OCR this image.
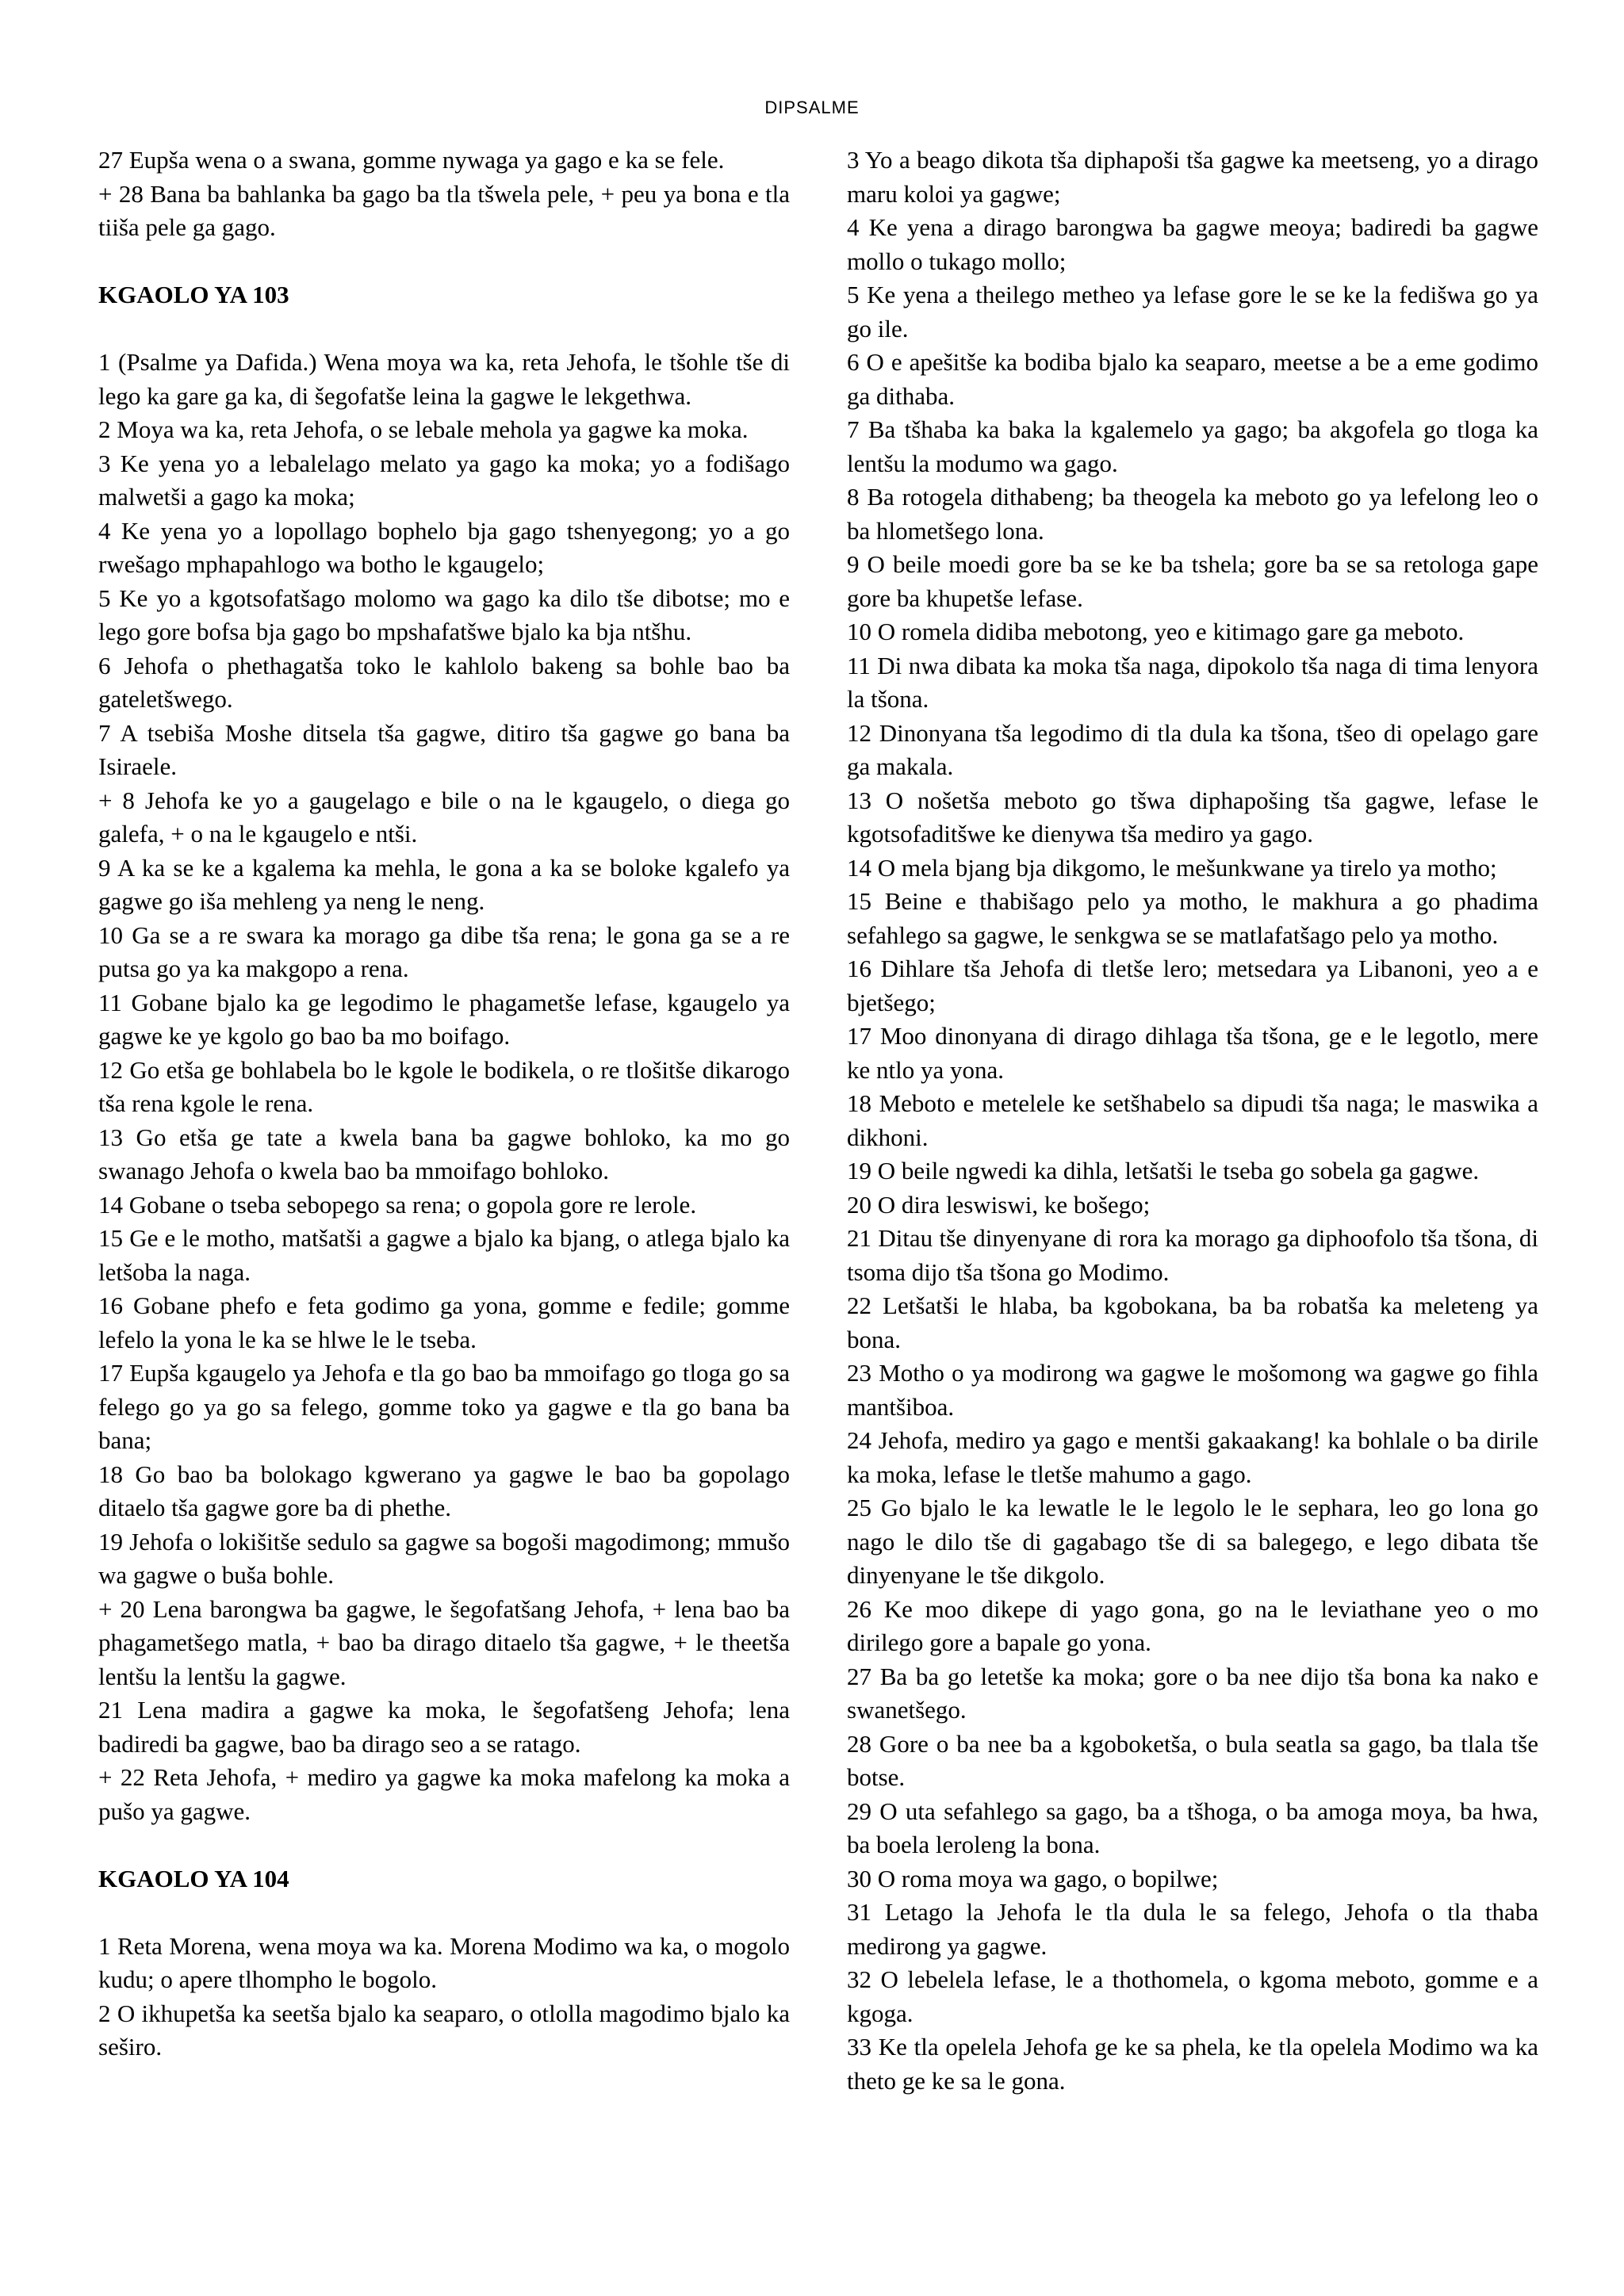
DIPSALME

27 Eupša wena o a swana, gomme nywaga ya gago e ka se fele.

+ 28 Bana ba bahlanka ba gago ba tla tšwela pele, + peu ya bona e tla tiiša pele ga gago.

KGAOLO YA 103

1 (Psalme ya Dafida.) Wena moya wa ka, reta Jehofa, le tšohle tše di lego ka gare ga ka, di šegofatše leina la gagwe le lekgethwa.

2 Moya wa ka, reta Jehofa, o se lebale mehola ya gagwe ka moka.

3 Ke yena yo a lebalelago melato ya gago ka moka; yo a fodišago malwetši a gago ka moka;

4 Ke yena yo a lopollago bophelo bja gago tshenyegong; yo a go rwešago mphapahlogo wa botho le kgaugelo;

5 Ke yo a kgotsofatšago molomo wa gago ka dilo tše dibotse; mo e lego gore bofsa bja gago bo mpshafatšwe bjalo ka bja ntšhu.

6 Jehofa o phethagatša toko le kahlolo bakeng sa bohle bao ba gateletšwego.

7 A tsebiša Moshe ditsela tša gagwe, ditiro tša gagwe go bana ba Isiraele.

+ 8 Jehofa ke yo a gaugelago e bile o na le kgaugelo, o diega go galefa, + o na le kgaugelo e ntši.

9 A ka se ke a kgalema ka mehla, le gona a ka se boloke kgalefo ya gagwe go iša mehleng ya neng le neng.

10 Ga se a re swara ka morago ga dibe tša rena; le gona ga se a re putsa go ya ka makgopo a rena.

11 Gobane bjalo ka ge legodimo le phagametše lefase, kgaugelo ya gagwe ke ye kgolo go bao ba mo boifago.

12 Go etša ge bohlabela bo le kgole le bodikela, o re tlošitše dikarogo tša rena kgole le rena.

13 Go etša ge tate a kwela bana ba gagwe bohloko, ka mo go swanago Jehofa o kwela bao ba mmoifago bohloko.

14 Gobane o tseba sebopego sa rena; o gopola gore re lerole.

15 Ge e le motho, matšatši a gagwe a bjalo ka bjang, o atlega bjalo ka letšoba la naga.

16 Gobane phefo e feta godimo ga yona, gomme e fedile; gomme lefelo la yona le ka se hlwe le le tseba.

17 Eupša kgaugelo ya Jehofa e tla go bao ba mmoifago go tloga go sa felego go ya go sa felego, gomme toko ya gagwe e tla go bana ba bana;

18 Go bao ba bolokago kgwerano ya gagwe le bao ba gopolago ditaelo tša gagwe gore ba di phethe.

19 Jehofa o lokišitše sedulo sa gagwe sa bogoši magodimong; mmušo wa gagwe o buša bohle.

+ 20 Lena barongwa ba gagwe, le šegofatšang Jehofa, + lena bao ba phagametšego matla, + bao ba dirago ditaelo tša gagwe, + le theetša lentšu la lentšu la gagwe.

21 Lena madira a gagwe ka moka, le šegofatšeng Jehofa; lena badiredi ba gagwe, bao ba dirago seo a se ratago.

+ 22 Reta Jehofa, + mediro ya gagwe ka moka mafelong ka moka a pušo ya gagwe.

KGAOLO YA 104

1 Reta Morena, wena moya wa ka. Morena Modimo wa ka, o mogolo kudu; o apere tlhompho le bogolo.

2 O ikhupetša ka seetša bjalo ka seaparo, o otlolla magodimo bjalo ka seširo.

3 Yo a beago dikota tša diphapoši tša gagwe ka meetseng, yo a dirago maru koloi ya gagwe;

4 Ke yena a dirago barongwa ba gagwe meoya; badiredi ba gagwe mollo o tukago mollo;

5 Ke yena a theilego metheo ya lefase gore le se ke la fedišwa go ya go ile.

6 O e apešitše ka bodiba bjalo ka seaparo, meetse a be a eme godimo ga dithaba.

7 Ba tšhaba ka baka la kgalemelo ya gago; ba akgofela go tloga ka lentšu la modumo wa gago.

8 Ba rotogela dithabeng; ba theogela ka meboto go ya lefelong leo o ba hlometšego lona.

9 O beile moedi gore ba se ke ba tshela; gore ba se sa retologa gape gore ba khupetše lefase.

10 O romela didiba mebotong, yeo e kitimago gare ga meboto.

11 Di nwa dibata ka moka tša naga, dipokolo tša naga di tima lenyora la tšona.

12 Dinonyana tša legodimo di tla dula ka tšona, tšeo di opelago gare ga makala.

13 O nošetša meboto go tšwa diphapošing tša gagwe, lefase le kgotsofaditšwe ke dienywa tša mediro ya gago.

14 O mela bjang bja dikgomo, le mešunkwane ya tirelo ya motho;

15 Beine e thabišago pelo ya motho, le makhura a go phadima sefahlego sa gagwe, le senkgwa se se matlafatšago pelo ya motho.

16 Dihlare tša Jehofa di tletše lero; metsedara ya Libanoni, yeo a e bjetšego;

17 Moo dinonyana di dirago dihlaga tša tšona, ge e le legotlo, mere ke ntlo ya yona.

18 Meboto e metelele ke setšhabelo sa dipudi tša naga; le maswika a dikhoni.

19 O beile ngwedi ka dihla, letšatši le tseba go sobela ga gagwe.

20 O dira leswiswi, ke bošego;

21 Ditau tše dinyenyane di rora ka morago ga diphoofolo tša tšona, di tsoma dijo tša tšona go Modimo.

22 Letšatši le hlaba, ba kgobokana, ba ba robatša ka meleteng ya bona.

23 Motho o ya modirong wa gagwe le mošomong wa gagwe go fihla mantšiboa.

24 Jehofa, mediro ya gago e mentši gakaakang! ka bohlale o ba dirile ka moka, lefase le tletše mahumo a gago.

25 Go bjalo le ka lewatle le le legolo le le sephara, leo go lona go nago le dilo tše di gagabago tše di sa balegego, e lego dibata tše dinyenyane le tše dikgolo.

26 Ke moo dikepe di yago gona, go na le leviathane yeo o mo dirilego gore a bapale go yona.

27 Ba ba go letetše ka moka; gore o ba nee dijo tša bona ka nako e swanetšego.

28 Gore o ba nee ba a kgoboketša, o bula seatla sa gago, ba tlala tše botse.

29 O uta sefahlego sa gago, ba a tšhoga, o ba amoga moya, ba hwa, ba boela leroleng la bona.

30 O roma moya wa gago, o bopilwe;

31 Letago la Jehofa le tla dula le sa felego, Jehofa o tla thaba medirong ya gagwe.

32 O lebelela lefase, le a thothomela, o kgoma meboto, gomme e a kgoga.

33 Ke tla opelela Jehofa ge ke sa phela, ke tla opelela Modimo wa ka theto ge ke sa le gona.
